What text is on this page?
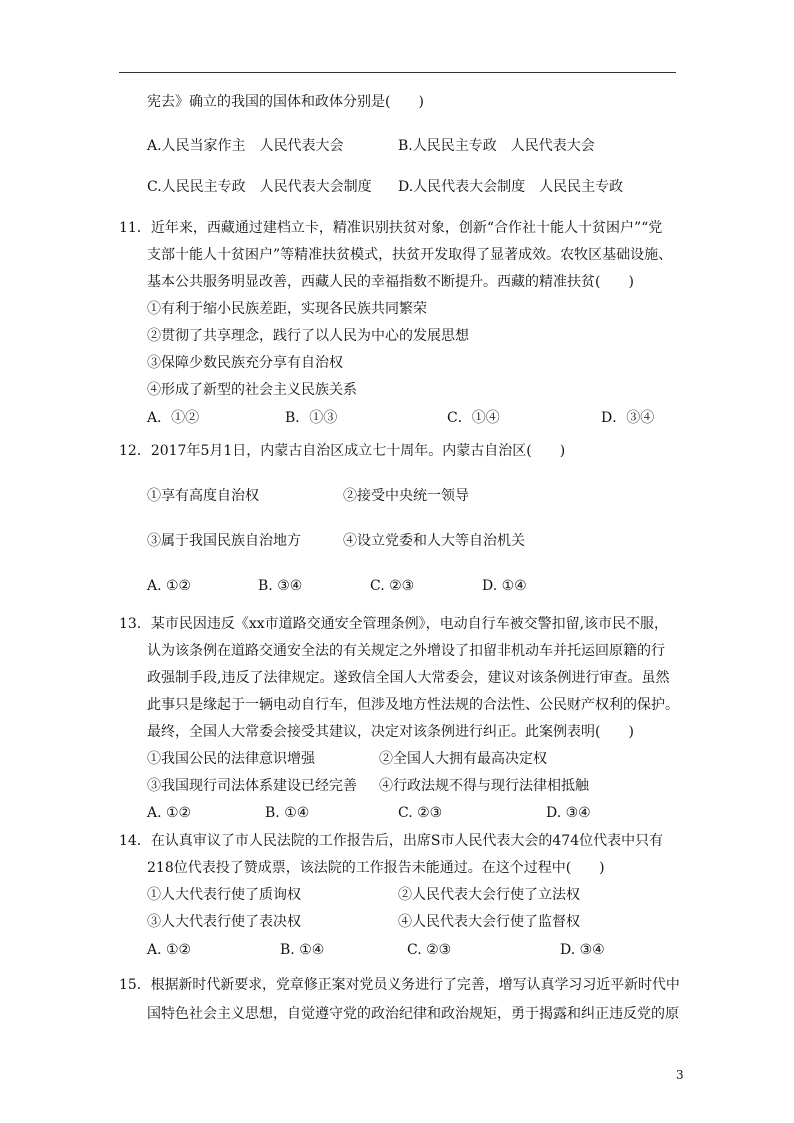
宪去》确立的我国的国体和政体分别是(　　)
A.人民当家作主　人民代表大会	B.人民民主专政　人民代表大会
C.人民民主专政　人民代表大会制度 D.人民代表大会制度　人民民主专政
11．近年来，西藏通过建档立卡，精准识别扶贫对象，创新“合作社十能人十贫困户”“党
支部十能人十贫困户”等精准扶贫模式，扶贫开发取得了显著成效。农牧区基础设施、
基本公共服务明显改善，西藏人民的幸福指数不断提升。西藏的精准扶贫(　　)
①有利于缩小民族差距，实现各民族共同繁荣
②贯彻了共享理念，践行了以人民为中心的发展思想
③保障少数民族充分享有自治权
④形成了新型的社会主义民族关系
A．①②	B．①③	C．①④	D．③④
12．2017年5月1日，内蒙古自治区成立七十周年。内蒙古自治区(　　)
①享有高度自治权	②接受中央统一领导
③属于我国民族自治地方	④设立党委和人大等自治机关
A. ①②	B. ③④	C. ②③	D. ①④
13．某市民因违反《xx市道路交通安全管理条例》，电动自行车被交警扣留,该市民不服，
认为该条例在道路交通安全法的有关规定之外增设了扣留非机动车并托运回原籍的行
政强制手段,违反了法律规定。遂致信全国人大常委会，建议对该条例进行审查。虽然
此事只是缘起于一辆电动自行车，但涉及地方性法规的合法性、公民财产权利的保护。
最终，全国人大常委会接受其建议，决定对该条例进行纠正。此案例表明(　　)
①我国公民的法律意识增强	②全国人大拥有最高决定权
③我国现行司法体系建设已经完善 ④行政法规不得与现行法律相抵触
A. ①②	B. ①④	C. ②③	D. ③④
14．在认真审议了市人民法院的工作报告后，出席S市人民代表大会的474位代表中只有
218位代表投了赞成票，该法院的工作报告未能通过。在这个过程中(　　)
①人大代表行使了质询权	②人民代表大会行使了立法权
③人大代表行使了表决权	④人民代表大会行使了监督权
A. ①②	B. ①④	C. ②③	D. ③④
15．根据新时代新要求，党章修正案对党员义务进行了完善，增写认真学习习近平新时代中
国特色社会主义思想，自觉遵守党的政治纪律和政治规矩，勇于揭露和纠正违反党的原
3
